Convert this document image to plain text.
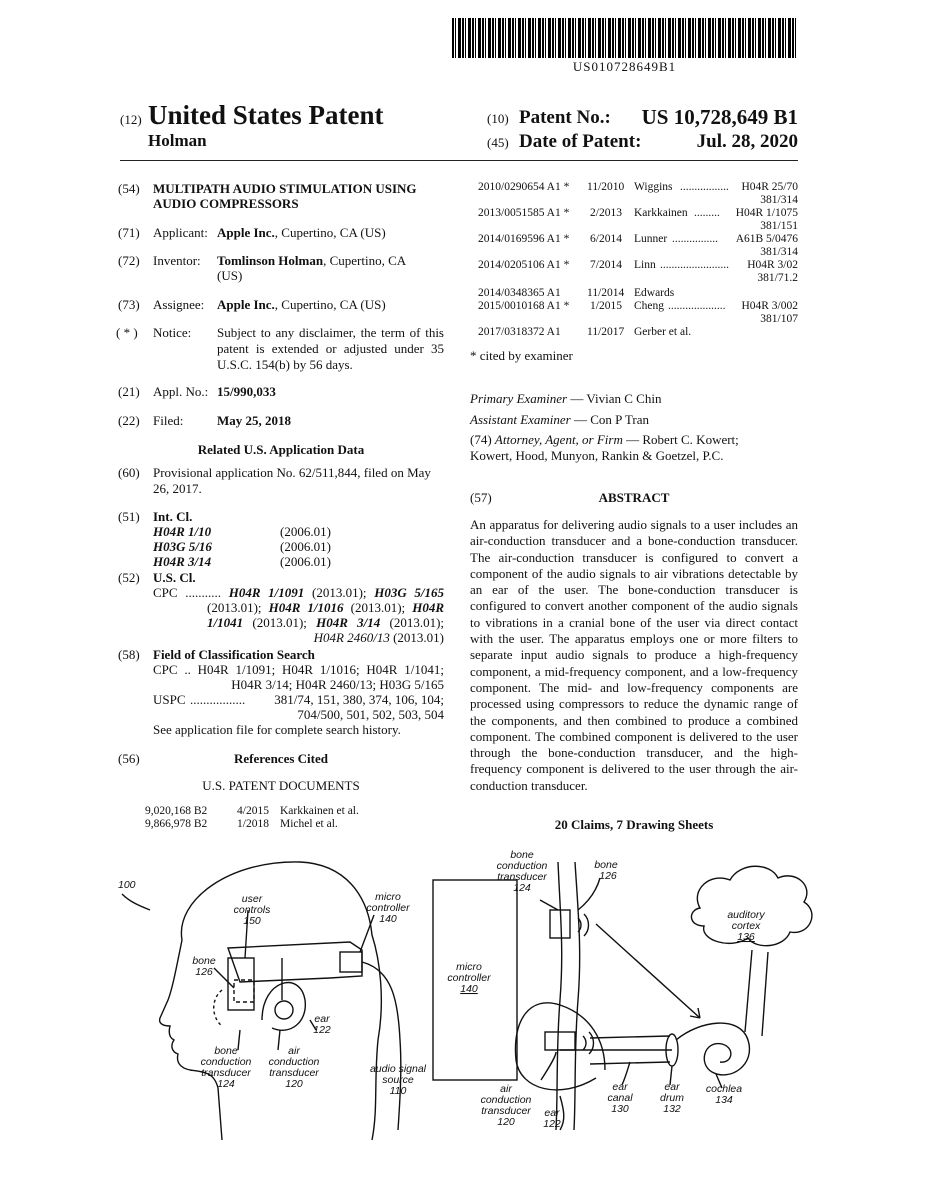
US010728649B1
(12) United States Patent
Holman
(10) Patent No.:	US 10,728,649 B1
(45) Date of Patent:	Jul. 28, 2020
(54) MULTIPATH AUDIO STIMULATION USING
AUDIO COMPRESSORS
(71) Applicant: Apple Inc., Cupertino, CA (US)
(72) Inventor: Tomlinson Holman, Cupertino, CA
(US)
(73) Assignee: Apple Inc., Cupertino, CA (US)
( * ) Notice: Subject to any disclaimer, the term of this
patent is extended or adjusted under 35
U.S.C. 154(b) by 56 days.
(21) Appl. No.: 15/990,033
(22) Filed:	May 25, 2018
Related U.S. Application Data
(60) Provisional application No. 62/511,844, filed on May
26, 2017.
(51) Int. Cl.
H04R 1/10	(2006.01)
H03G 5/16	(2006.01)
H04R 3/14	(2006.01)
(52) U.S. Cl.
CPC ........... H04R 1/1091 (2013.01); H03G 5/165
(2013.01); H04R 1/1016 (2013.01); H04R
1/1041 (2013.01); H04R 3/14 (2013.01);
H04R 2460/13 (2013.01)
(58) Field of Classification Search
CPC .. H04R 1/1091; H04R 1/1016; H04R 1/1041;
H04R 3/14; H04R 2460/13; H03G 5/165
USPC .................	381/74, 151, 380, 374, 106, 104;
704/500, 501, 502, 503, 504
See application file for complete search history.
(56)	References Cited
U.S. PATENT DOCUMENTS
9,020,168 B2	4/2015 Karkkainen et al.
9,866,978 B2	1/2018 Michel et al.
2010/0290654 A1 * 11/2010 Wiggins .................	H04R 25/70
381/314
2013/0051585 A1 * 2/2013 Karkkainen .........	H04R 1/1075
381/151
2014/0169596 A1 * 6/2014 Lunner ................	A61B 5/0476
381/314
2014/0205106 A1 * 7/2014 Linn ........................	H04R 3/02
381/71.2
2014/0348365 A1 11/2014 Edwards
2015/0010168 A1 * 1/2015 Cheng ....................	H04R 3/002
381/107
2017/0318372 A1 11/2017 Gerber et al.
* cited by examiner
Primary Examiner — Vivian C Chin
Assistant Examiner — Con P Tran
(74) Attorney, Agent, or Firm — Robert C. Kowert;
Kowert, Hood, Munyon, Rankin & Goetzel, P.C.
(57)	ABSTRACT
An apparatus for delivering audio signals to a user includes an air-conduction transducer and a bone-conduction transducer. The air-conduction transducer is configured to convert a component of the audio signals to air vibrations detectable by an ear of the user. The bone-conduction transducer is configured to convert another component of the audio signals to vibrations in a cranial bone of the user via direct contact with the user. The apparatus employs one or more filters to separate input audio signals to produce a high-frequency component, a mid-frequency component, and a low-frequency component. The mid- and low-frequency components are processed using compressors to reduce the dynamic range of the components, and then combined to produce a combined component. The combined component is delivered to the user through the bone-conduction transducer, and the high-frequency component is delivered to the user through the air-conduction transducer.
20 Claims, 7 Drawing Sheets
100
user
controls
150
micro
controller
140
bone
126
ear
122
bone
conduction
transducer
124
air
conduction
transducer
120
audio signal
source
110
bone
conduction
transducer
124
bone
126
auditory
cortex
136
micro
controller
140
air
conduction
transducer
120
ear
122
ear
canal
130
ear
drum
132
cochlea
134
